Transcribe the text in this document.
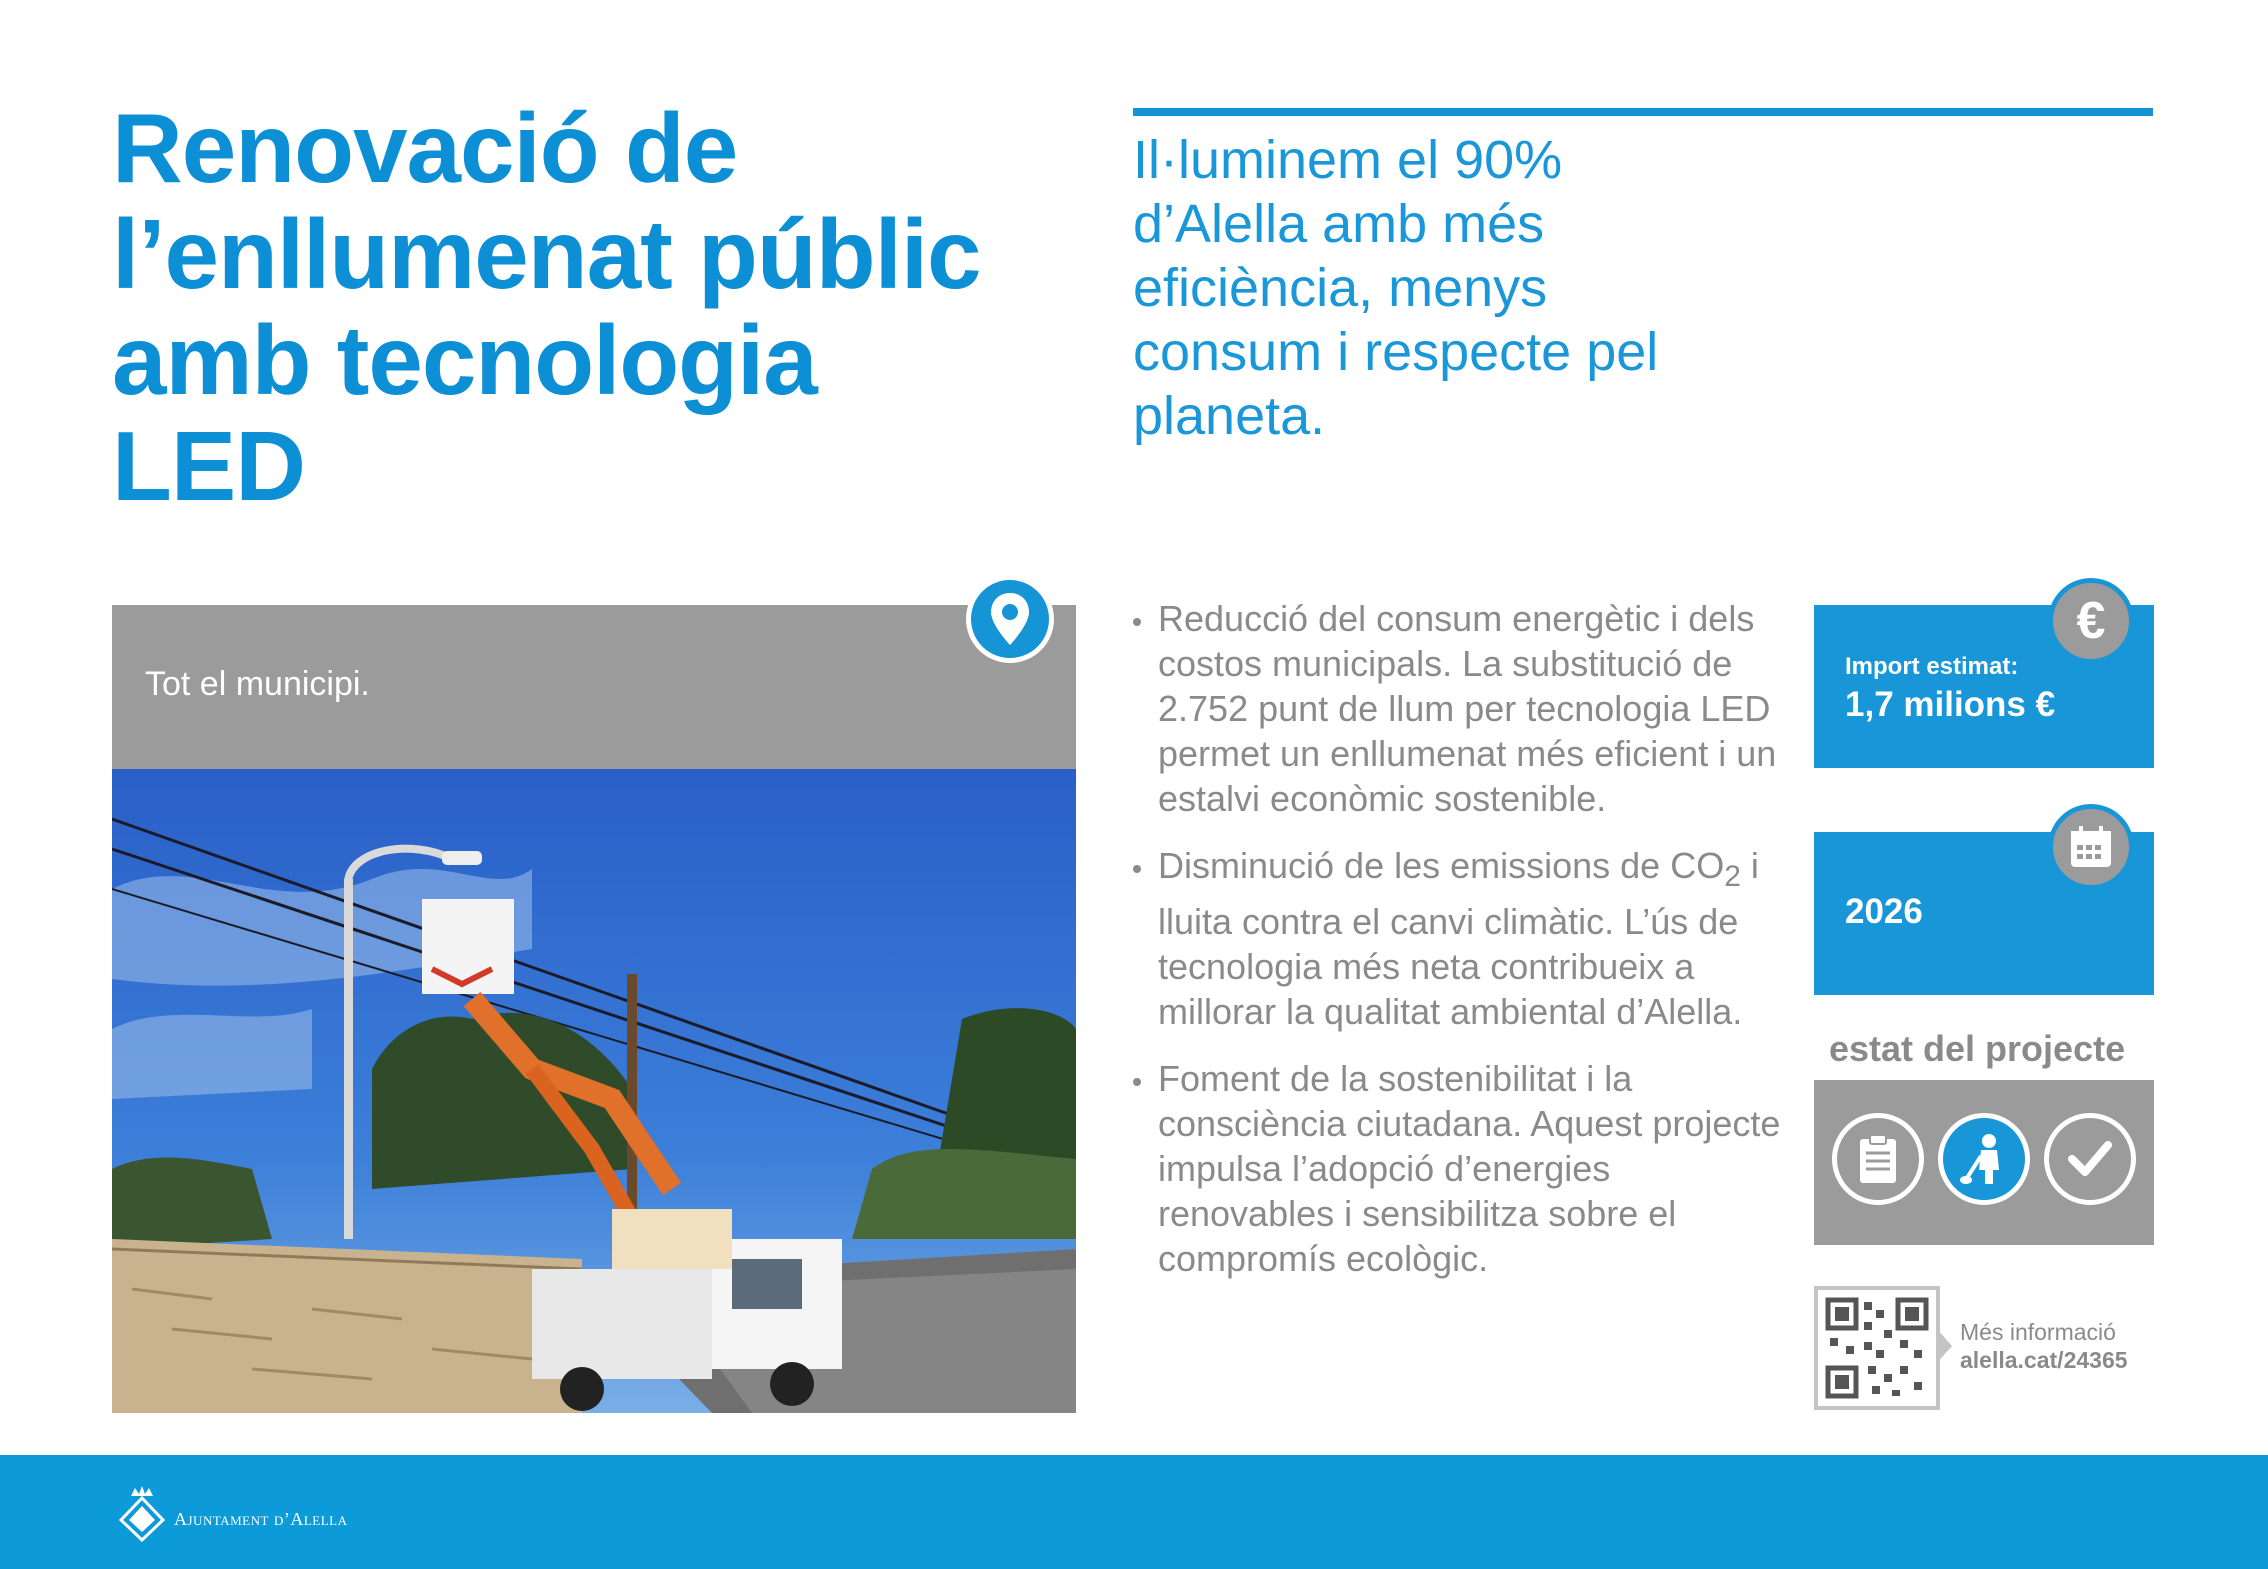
Renovació de
l’enllumenat públic
amb tecnologia
LED
Il·luminem el 90%
d’Alella amb més
eficiència, menys
consum i respecte pel
planeta.
Tot el municipi.
Reducció del consum energètic i dels costos municipals. La substitució de 2.752 punt de llum per tecnologia LED permet un enllumenat més eficient i un estalvi econòmic sostenible.
Disminució de les emissions de $CO_2$ i lluita contra el canvi climàtic. L’ús de tecnologia més neta contribueix a millorar la qualitat ambiental d’Alella.
Foment de la sostenibilitat i la consciència ciutadana. Aquest projecte impulsa l’adopció d’energies renovables i sensibilitza sobre el compromís ecològic.
Import estimat:
1,7 milions €
€
2026
estat del projecte
Més informació
alella.cat/24365
Ajuntament d’Alella
